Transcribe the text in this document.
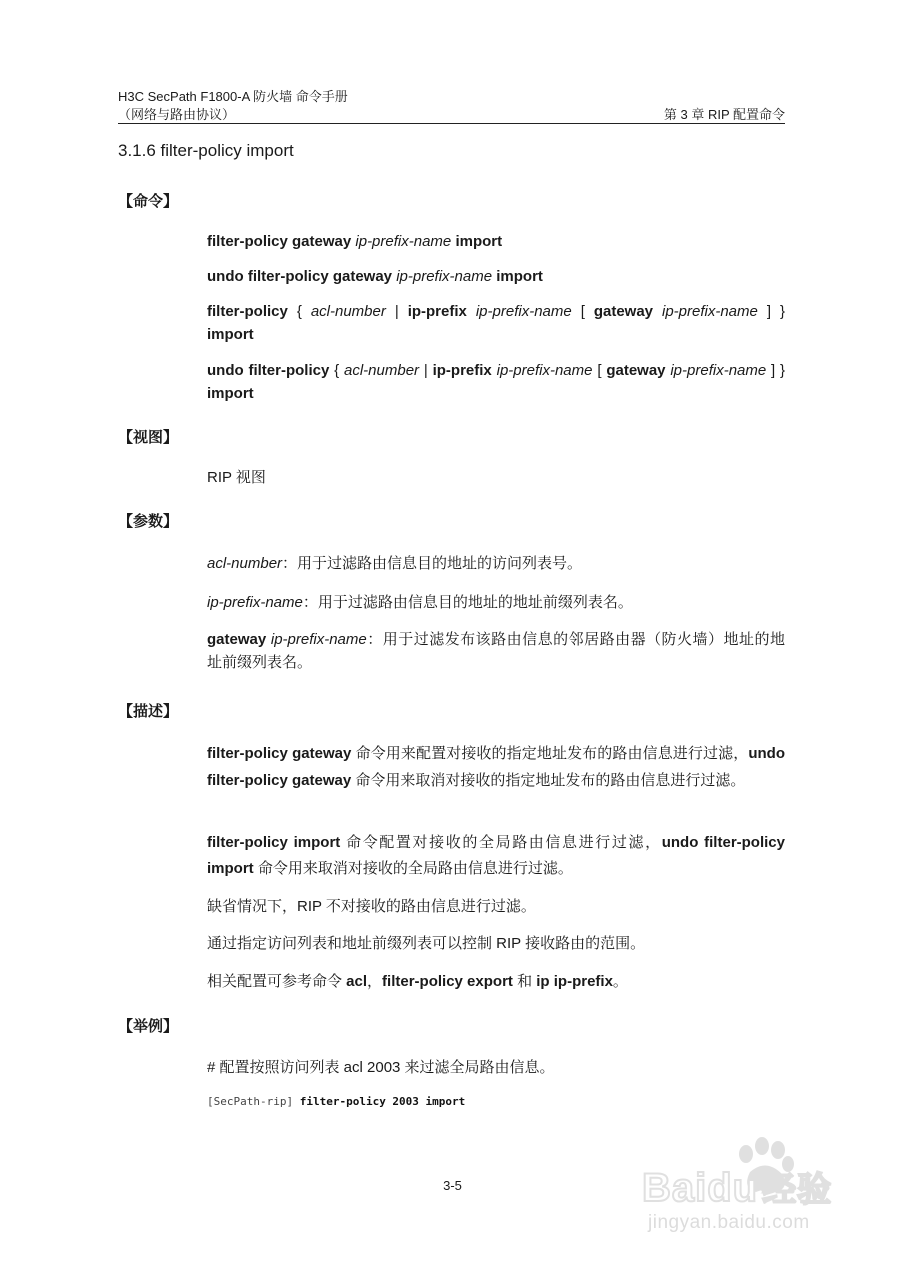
H3C SecPath F1800-A 防火墙 命令手册
（网络与路由协议）	第 3 章 RIP 配置命令
3.1.6 filter-policy import
【命令】
filter-policy gateway ip-prefix-name import
undo filter-policy gateway ip-prefix-name import
filter-policy { acl-number | ip-prefix ip-prefix-name [ gateway ip-prefix-name ] } import
undo filter-policy { acl-number | ip-prefix ip-prefix-name [ gateway ip-prefix-name ] } import
【视图】
RIP 视图
【参数】
acl-number：用于过滤路由信息目的地址的访问列表号。
ip-prefix-name：用于过滤路由信息目的地址的地址前缀列表名。
gateway ip-prefix-name：用于过滤发布该路由信息的邻居路由器（防火墙）地址的地址前缀列表名。
【描述】
filter-policy gateway 命令用来配置对接收的指定地址发布的路由信息进行过滤，undo filter-policy gateway 命令用来取消对接收的指定地址发布的路由信息进行过滤。
filter-policy import 命令配置对接收的全局路由信息进行过滤，undo filter-policy import 命令用来取消对接收的全局路由信息进行过滤。
缺省情况下，RIP 不对接收的路由信息进行过滤。
通过指定访问列表和地址前缀列表可以控制 RIP 接收路由的范围。
相关配置可参考命令 acl，filter-policy export 和 ip ip-prefix。
【举例】
# 配置按照访问列表 acl 2003 来过滤全局路由信息。
[SecPath-rip] filter-policy 2003 import
3-5	Baidu 经验
jingyan.baidu.com
